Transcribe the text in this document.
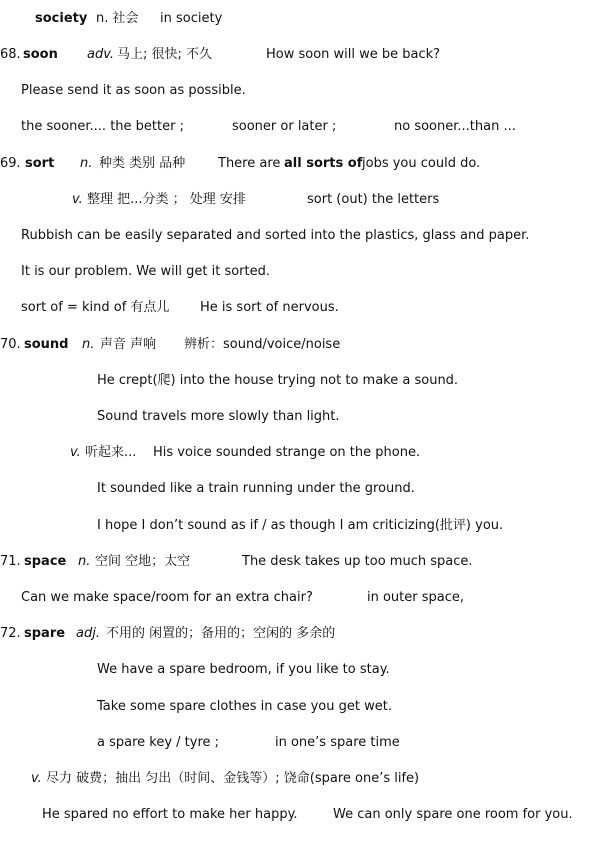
society n. 社会 in society
68. soon adv. 马上; 很快; 不久	How soon will we be back?
Please send it as soon as possible.
the sooner.... the better ;	sooner or later ;	no sooner...than ...
69. sort n. 种类 类别 品种	There are all sorts of jobs you could do.
v. 整理 把...分类 ； 处理 安排	sort (out) the letters
Rubbish can be easily separated and sorted into the plastics, glass and paper.
It is our problem. We will get it sorted.
sort of = kind of 有点儿 He is sort of nervous.
70. sound n. 声音 声响 辨析：sound/voice/noise
He crept(爬) into the house trying not to make a sound.
Sound travels more slowly than light.
v. 听起来... His voice sounded strange on the phone.
It sounded like a train running under the ground.
I hope I don’t sound as if / as though I am criticizing(批评) you.
71. space n. 空间 空地；太空	The desk takes up too much space.
Can we make space/room for an extra chair?	in outer space,
72. spare adj. 不用的 闲置的；备用的；空闲的 多余的
We have a spare bedroom, if you like to stay.
Take some spare clothes in case you get wet.
a spare key / tyre ;	in one’s spare time
v. 尽力 破费；抽出 匀出（时间、金钱等）; 饶命(spare one’s life)
He spared no effort to make her happy.	We can only spare one room for you.
